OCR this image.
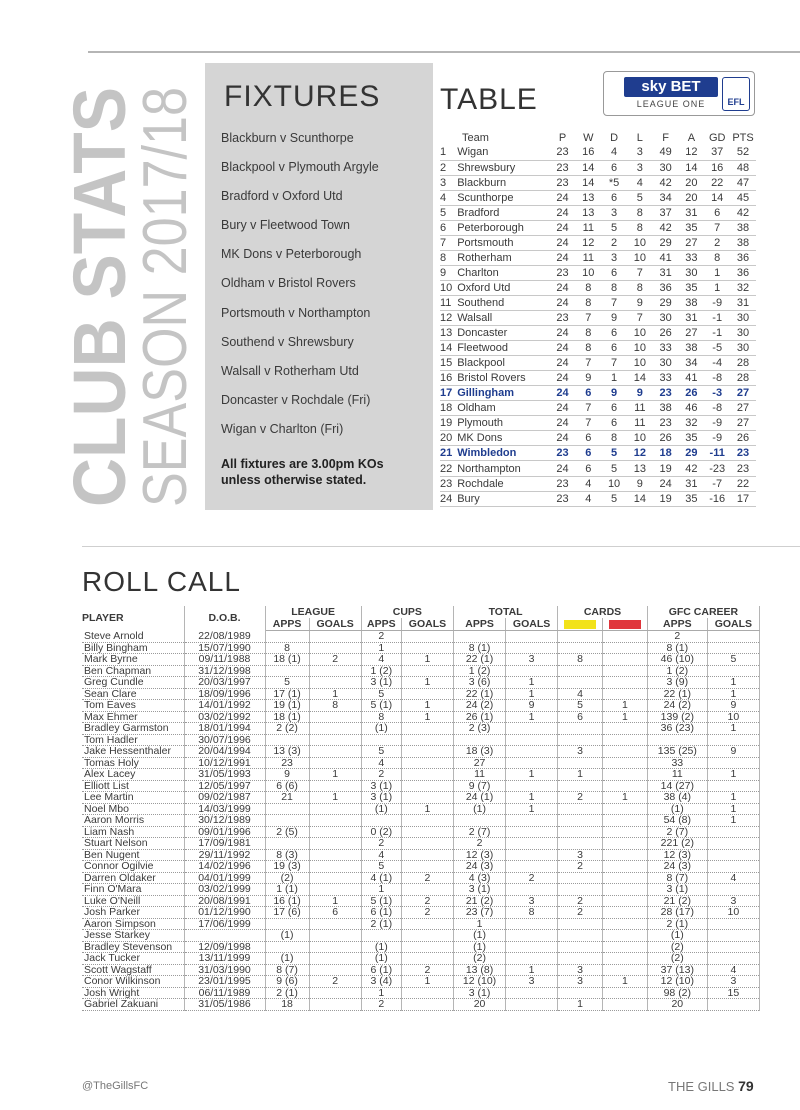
CLUB STATS
SEASON 2017/18 FIXTURES
Blackburn v Scunthorpe
Blackpool v Plymouth Argyle
Bradford v Oxford Utd
Bury v Fleetwood Town
MK Dons v Peterborough
Oldham v Bristol Rovers
Portsmouth v Northampton
Southend v Shrewsbury
Walsall v Rotherham Utd
Doncaster v Rochdale (Fri)
Wigan v Charlton (Fri)
All fixtures are 3.00pm KOs unless otherwise stated.
TABLE	sky BET
LEAGUE ONE	EFL
Team		P	W	D	L	F	A	GD	PTS
1	Wigan	23	16	4	3	49	12	37	52
2	Shrewsbury	23	14	6	3	30	14	16	48
3	Blackburn	23	14	*5	4	42	20	22	47
4	Scunthorpe	24	13	6	5	34	20	14	45
5	Bradford	24	13	3	8	37	31	6	42
6	Peterborough	24	11	5	8	42	35	7	38
7	Portsmouth	24	12	2	10	29	27	2	38
8	Rotherham	24	11	3	10	41	33	8	36
9	Charlton	23	10	6	7	31	30	1	36
10	Oxford Utd	24	8	8	8	36	35	1	32
11	Southend	24	8	7	9	29	38	-9	31
12	Walsall	23	7	9	7	30	31	-1	30
13	Doncaster	24	8	6	10	26	27	-1	30
14	Fleetwood	24	8	6	10	33	38	-5	30
15	Blackpool	24	7	7	10	30	34	-4	28
16	Bristol Rovers	24	9	1	14	33	41	-8	28
17	Gillingham	24	6	9	9	23	26	-3	27
18	Oldham	24	7	6	11	38	46	-8	27
19	Plymouth	24	7	6	11	23	32	-9	27
20	MK Dons	24	6	8	10	26	35	-9	26
21	Wimbledon	23	6	5	12	18	29	-11	23
22	Northampton	24	6	5	13	19	42	-23	23
23	Rochdale	23	4	10	9	24	31	-7	22
24	Bury	23	4	5	14	19	35	-16	17
ROLL CALL
PLAYER	D.O.B.	LEAGUE		CUPS		TOTAL		CARDS		GFC CAREER	
		APPS	GOALS	APPS	GOALS	APPS	GOALS			APPS	GOALS
Steve Arnold	22/08/1989			2						2	
Billy Bingham	15/07/1990	8		1		8 (1)				8 (1)	
Mark Byrne	09/11/1988	18 (1)	2	4	1	22 (1)	3	8		46 (10)	5
Ben Chapman	31/12/1998			1 (2)		1 (2)				1 (2)	
Greg Cundle	20/03/1997	5		3 (1)	1	3 (6)	1			3 (9)	1
Sean Clare	18/09/1996	17 (1)	1	5		22 (1)	1	4		22 (1)	1
Tom Eaves	14/01/1992	19 (1)	8	5 (1)	1	24 (2)	9	5	1	24 (2)	9
Max Ehmer	03/02/1992	18 (1)		8	1	26 (1)	1	6	1	139 (2)	10
Bradley Garmston	18/01/1994	2 (2)		(1)		2 (3)				36 (23)	1
Tom Hadler	30/07/1996										
Jake Hessenthaler	20/04/1994	13 (3)		5		18 (3)		3		135 (25)	9
Tomas Holy	10/12/1991	23		4		27				33	
Alex Lacey	31/05/1993	9	1	2		11	1	1		11	1
Elliott List	12/05/1997	6 (6)		3 (1)		9 (7)				14 (27)	
Lee Martin	09/02/1987	21	1	3 (1)		24 (1)	1	2	1	38 (4)	1
Noel Mbo	14/03/1999			(1)	1	(1)	1			(1)	1
Aaron Morris	30/12/1989									54 (8)	1
Liam Nash	09/01/1996	2 (5)		0 (2)		2 (7)				2 (7)	
Stuart Nelson	17/09/1981			2		2				221 (2)	
Ben Nugent	29/11/1992	8 (3)		4		12 (3)		3		12 (3)	
Connor Ogilvie	14/02/1996	19 (3)		5		24 (3)		2		24 (3)	
Darren Oldaker	04/01/1999	(2)		4 (1)	2	4 (3)	2			8 (7)	4
Finn O'Mara	03/02/1999	1 (1)		1		3 (1)				3 (1)	
Luke O'Neill	20/08/1991	16 (1)	1	5 (1)	2	21 (2)	3	2		21 (2)	3
Josh Parker	01/12/1990	17 (6)	6	6 (1)	2	23 (7)	8	2		28 (17)	10
Aaron Simpson	17/06/1999			2 (1)		1				2 (1)	
Jesse Starkey		(1)				(1)				(1)	
Bradley Stevenson	12/09/1998			(1)		(1)				(2)	
Jack Tucker	13/11/1999	(1)		(1)		(2)				(2)	
Scott Wagstaff	31/03/1990	8 (7)		6 (1)	2	13 (8)	1	3		37 (13)	4
Conor Wilkinson	23/01/1995	9 (6)	2	3 (4)	1	12 (10)	3	3	1	12 (10)	3
Josh Wright	06/11/1989	2 (1)		1		3 (1)				98 (2)	15
Gabriel Zakuani	31/05/1986	18		2		20		1		20	
@TheGillsFC	THE GILLS 79
